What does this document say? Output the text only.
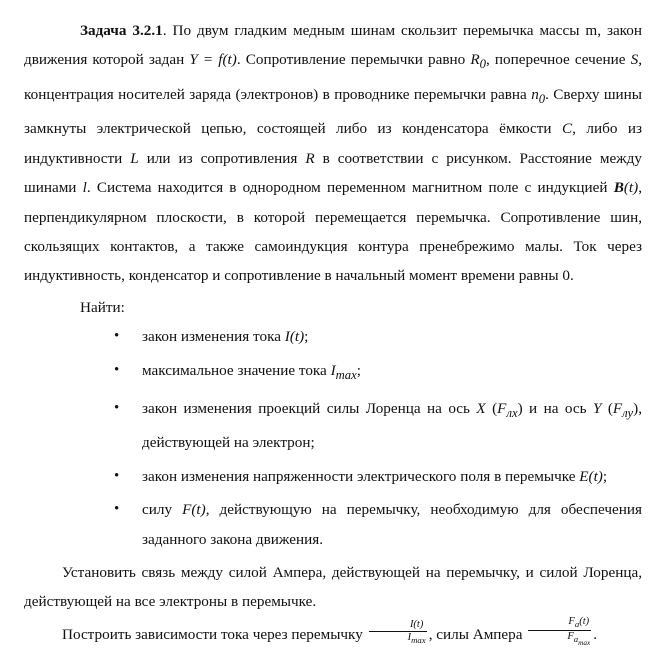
Задача 3.2.1. По двум гладким медным шинам скользит перемычка массы m, закон движения которой задан Y = f(t). Сопротивление перемычки равно $R_0$, поперечное сечение S, концентрация носителей заряда (электронов) в проводнике перемычки равна $n_0$. Сверху шины замкнуты электрической цепью, состоящей либо из конденсатора ёмкости C, либо из индуктивности L или из сопротивления R в соответствии с рисунком. Расстояние между шинами l. Система находится в однородном переменном магнитном поле с индукцией B(t), перпендикулярном плоскости, в которой перемещается перемычка. Сопротивление шин, скользящих контактов, а также самоиндукция контура пренебрежимо малы. Ток через индуктивность, конденсатор и сопротивление в начальный момент времени равны 0.

Найти:

• закон изменения тока I(t);
• максимальное значение тока $I_{max}$;
• закон изменения проекций силы Лоренца на ось X $(F_{лх})$ и на ось Y $(F_{лу})$, действующей на электрон;
• закон изменения напряженности электрического поля в перемычке E(t);
• силу F(t), действующую на перемычку, необходимую для обеспечения заданного закона движения.

Установить связь между силой Ампера, действующей на перемычку, и силой Лоренца, действующей на все электроны в перемычке.

Построить зависимости тока через перемычку $\frac{I(t)}{I_{max}}$ , силы Ампера $\frac{F_a(t)}{F_{a_{max}}}$ .
